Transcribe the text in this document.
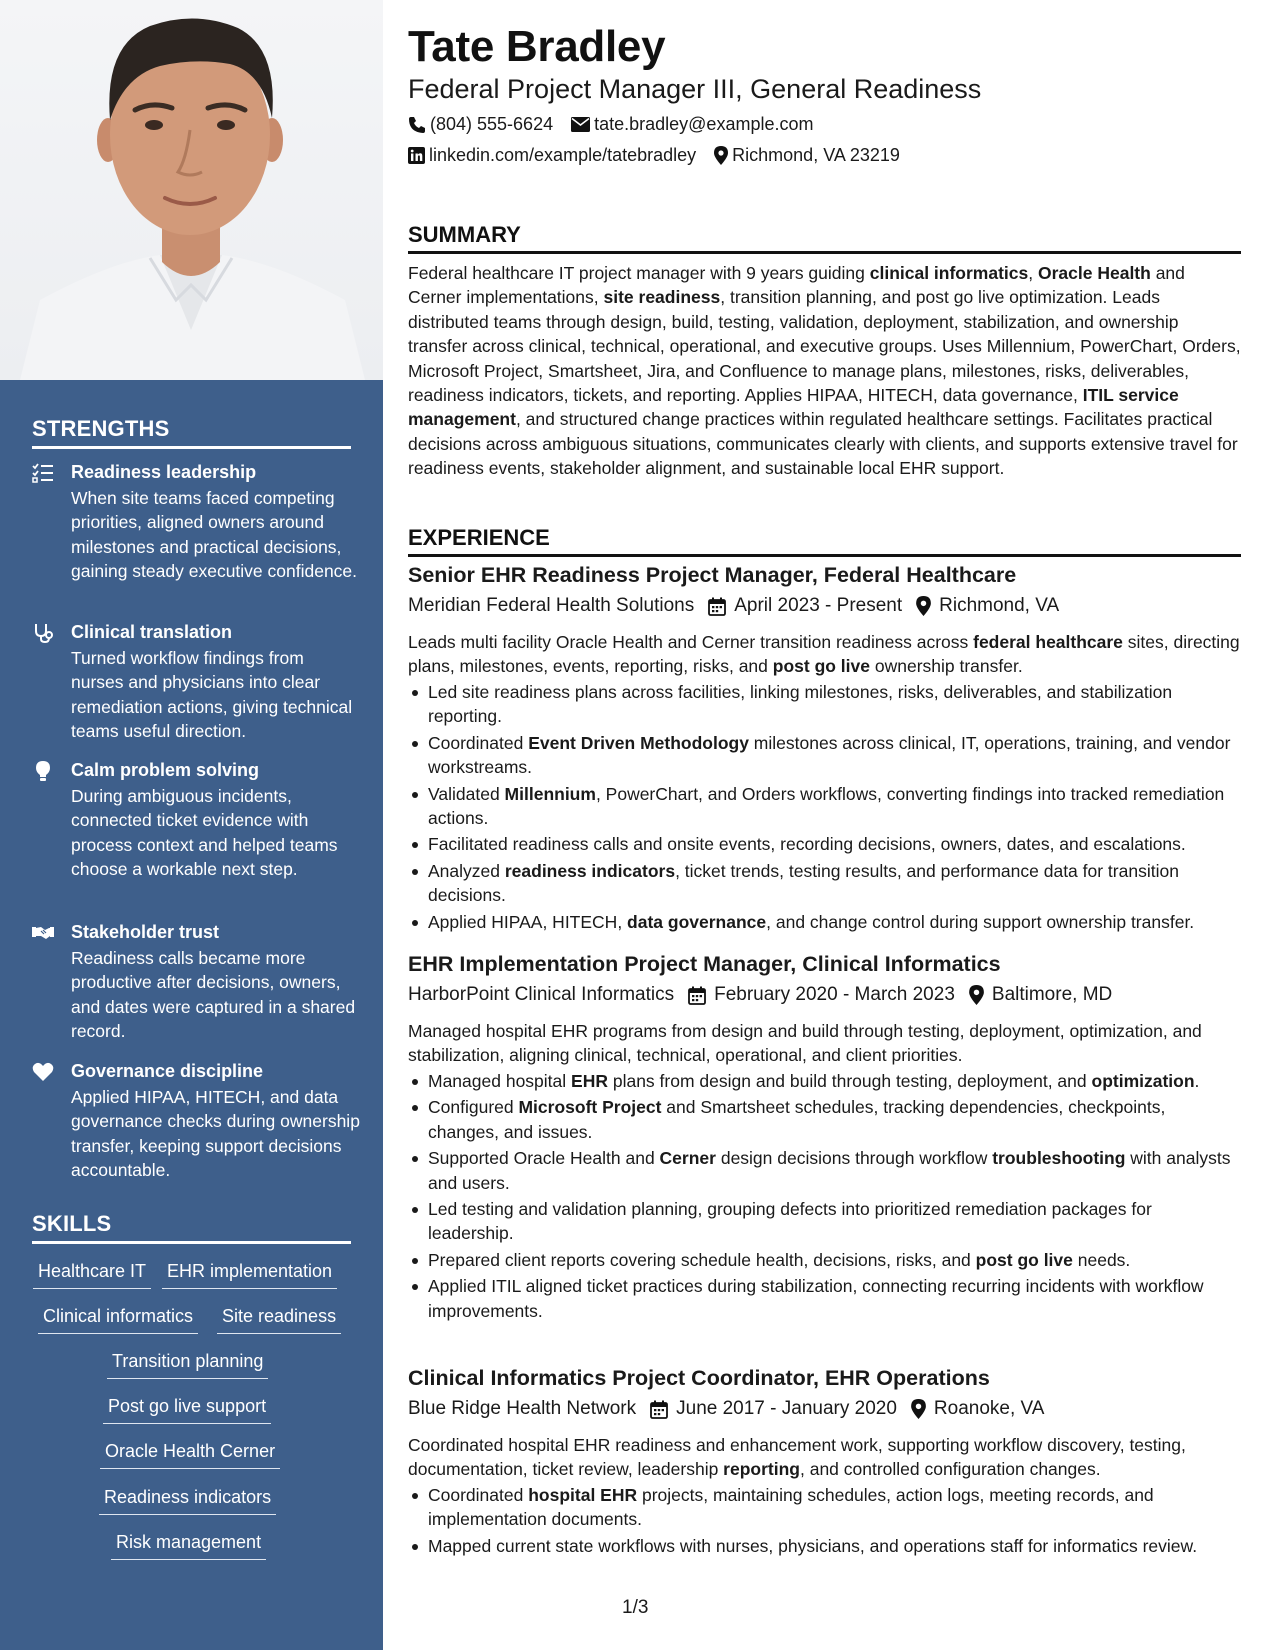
STRENGTHS
Readiness leadership
When site teams faced competing priorities, aligned owners around milestones and practical decisions, gaining steady executive confidence.
Clinical translation
Turned workflow findings from nurses and physicians into clear remediation actions, giving technical teams useful direction.
Calm problem solving
During ambiguous incidents, connected ticket evidence with process context and helped teams choose a workable next step.
Stakeholder trust
Readiness calls became more productive after decisions, owners, and dates were captured in a shared record.
Governance discipline
Applied HIPAA, HITECH, and data governance checks during ownership transfer, keeping support decisions accountable.
SKILLS
Healthcare IT EHR implementation
Clinical informatics Site readiness
Transition planning
Post go live support
Oracle Health Cerner
Readiness indicators
Risk management
Tate Bradley
Federal Project Manager III, General Readiness
(804) 555-6624 tate.bradley@example.com
linkedin.com/example/tatebradley Richmond, VA 23219
SUMMARY
Federal healthcare IT project manager with 9 years guiding clinical informatics, Oracle Health and Cerner implementations, site readiness, transition planning, and post go live optimization. Leads distributed teams through design, build, testing, validation, deployment, stabilization, and ownership transfer across clinical, technical, operational, and executive groups. Uses Millennium, PowerChart, Orders, Microsoft Project, Smartsheet, Jira, and Confluence to manage plans, milestones, risks, deliverables, readiness indicators, tickets, and reporting. Applies HIPAA, HITECH, data governance, ITIL service management, and structured change practices within regulated healthcare settings. Facilitates practical decisions across ambiguous situations, communicates clearly with clients, and supports extensive travel for readiness events, stakeholder alignment, and sustainable local EHR support.
EXPERIENCE
Senior EHR Readiness Project Manager, Federal Healthcare
Meridian Federal Health Solutions April 2023 - Present Richmond, VA
Leads multi facility Oracle Health and Cerner transition readiness across federal healthcare sites, directing plans, milestones, events, reporting, risks, and post go live ownership transfer.
Led site readiness plans across facilities, linking milestones, risks, deliverables, and stabilization reporting.
Coordinated Event Driven Methodology milestones across clinical, IT, operations, training, and vendor workstreams.
Validated Millennium, PowerChart, and Orders workflows, converting findings into tracked remediation actions.
Facilitated readiness calls and onsite events, recording decisions, owners, dates, and escalations.
Analyzed readiness indicators, ticket trends, testing results, and performance data for transition decisions.
Applied HIPAA, HITECH, data governance, and change control during support ownership transfer.
EHR Implementation Project Manager, Clinical Informatics
HarborPoint Clinical Informatics February 2020 - March 2023 Baltimore, MD
Managed hospital EHR programs from design and build through testing, deployment, optimization, and stabilization, aligning clinical, technical, operational, and client priorities.
Managed hospital EHR plans from design and build through testing, deployment, and optimization.
Configured Microsoft Project and Smartsheet schedules, tracking dependencies, checkpoints, changes, and issues.
Supported Oracle Health and Cerner design decisions through workflow troubleshooting with analysts and users.
Led testing and validation planning, grouping defects into prioritized remediation packages for leadership.
Prepared client reports covering schedule health, decisions, risks, and post go live needs.
Applied ITIL aligned ticket practices during stabilization, connecting recurring incidents with workflow improvements.
Clinical Informatics Project Coordinator, EHR Operations
Blue Ridge Health Network June 2017 - January 2020 Roanoke, VA
Coordinated hospital EHR readiness and enhancement work, supporting workflow discovery, testing, documentation, ticket review, leadership reporting, and controlled configuration changes.
Coordinated hospital EHR projects, maintaining schedules, action logs, meeting records, and implementation documents.
Mapped current state workflows with nurses, physicians, and operations staff for informatics review.
1/3
